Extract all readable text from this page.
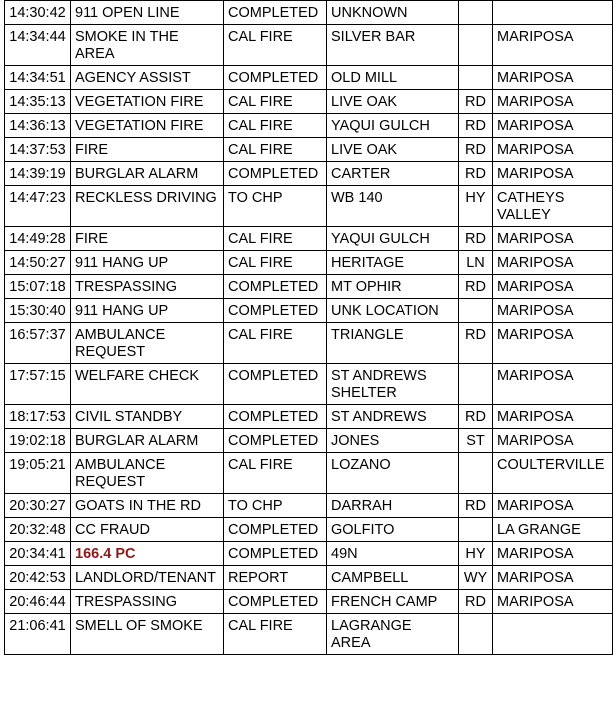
14:30:42	911 OPEN LINE	COMPLETED	UNKNOWN		
14:34:44	SMOKE IN THE AREA	CAL FIRE	SILVER BAR		MARIPOSA
14:34:51	AGENCY ASSIST	COMPLETED	OLD MILL		MARIPOSA
14:35:13	VEGETATION FIRE	CAL FIRE	LIVE OAK	RD	MARIPOSA
14:36:13	VEGETATION FIRE	CAL FIRE	YAQUI GULCH	RD	MARIPOSA
14:37:53	FIRE	CAL FIRE	LIVE OAK	RD	MARIPOSA
14:39:19	BURGLAR ALARM	COMPLETED	CARTER	RD	MARIPOSA
14:47:23	RECKLESS DRIVING	TO CHP	WB 140	HY	CATHEYS VALLEY
14:49:28	FIRE	CAL FIRE	YAQUI GULCH	RD	MARIPOSA
14:50:27	911 HANG UP	CAL FIRE	HERITAGE	LN	MARIPOSA
15:07:18	TRESPASSING	COMPLETED	MT OPHIR	RD	MARIPOSA
15:30:40	911 HANG UP	COMPLETED	UNK LOCATION		MARIPOSA
16:57:37	AMBULANCE REQUEST	CAL FIRE	TRIANGLE	RD	MARIPOSA
17:57:15	WELFARE CHECK	COMPLETED	ST ANDREWS SHELTER		MARIPOSA
18:17:53	CIVIL STANDBY	COMPLETED	ST ANDREWS	RD	MARIPOSA
19:02:18	BURGLAR ALARM	COMPLETED	JONES	ST	MARIPOSA
19:05:21	AMBULANCE REQUEST	CAL FIRE	LOZANO		COULTERVILLE
20:30:27	GOATS IN THE RD	TO CHP	DARRAH	RD	MARIPOSA
20:32:48	CC FRAUD	COMPLETED	GOLFITO		LA GRANGE
20:34:41	166.4 PC	COMPLETED	49N	HY	MARIPOSA
20:42:53	LANDLORD/TENANT	REPORT	CAMPBELL	WY	MARIPOSA
20:46:44	TRESPASSING	COMPLETED	FRENCH CAMP	RD	MARIPOSA
21:06:41	SMELL OF SMOKE	CAL FIRE	LAGRANGE AREA		
